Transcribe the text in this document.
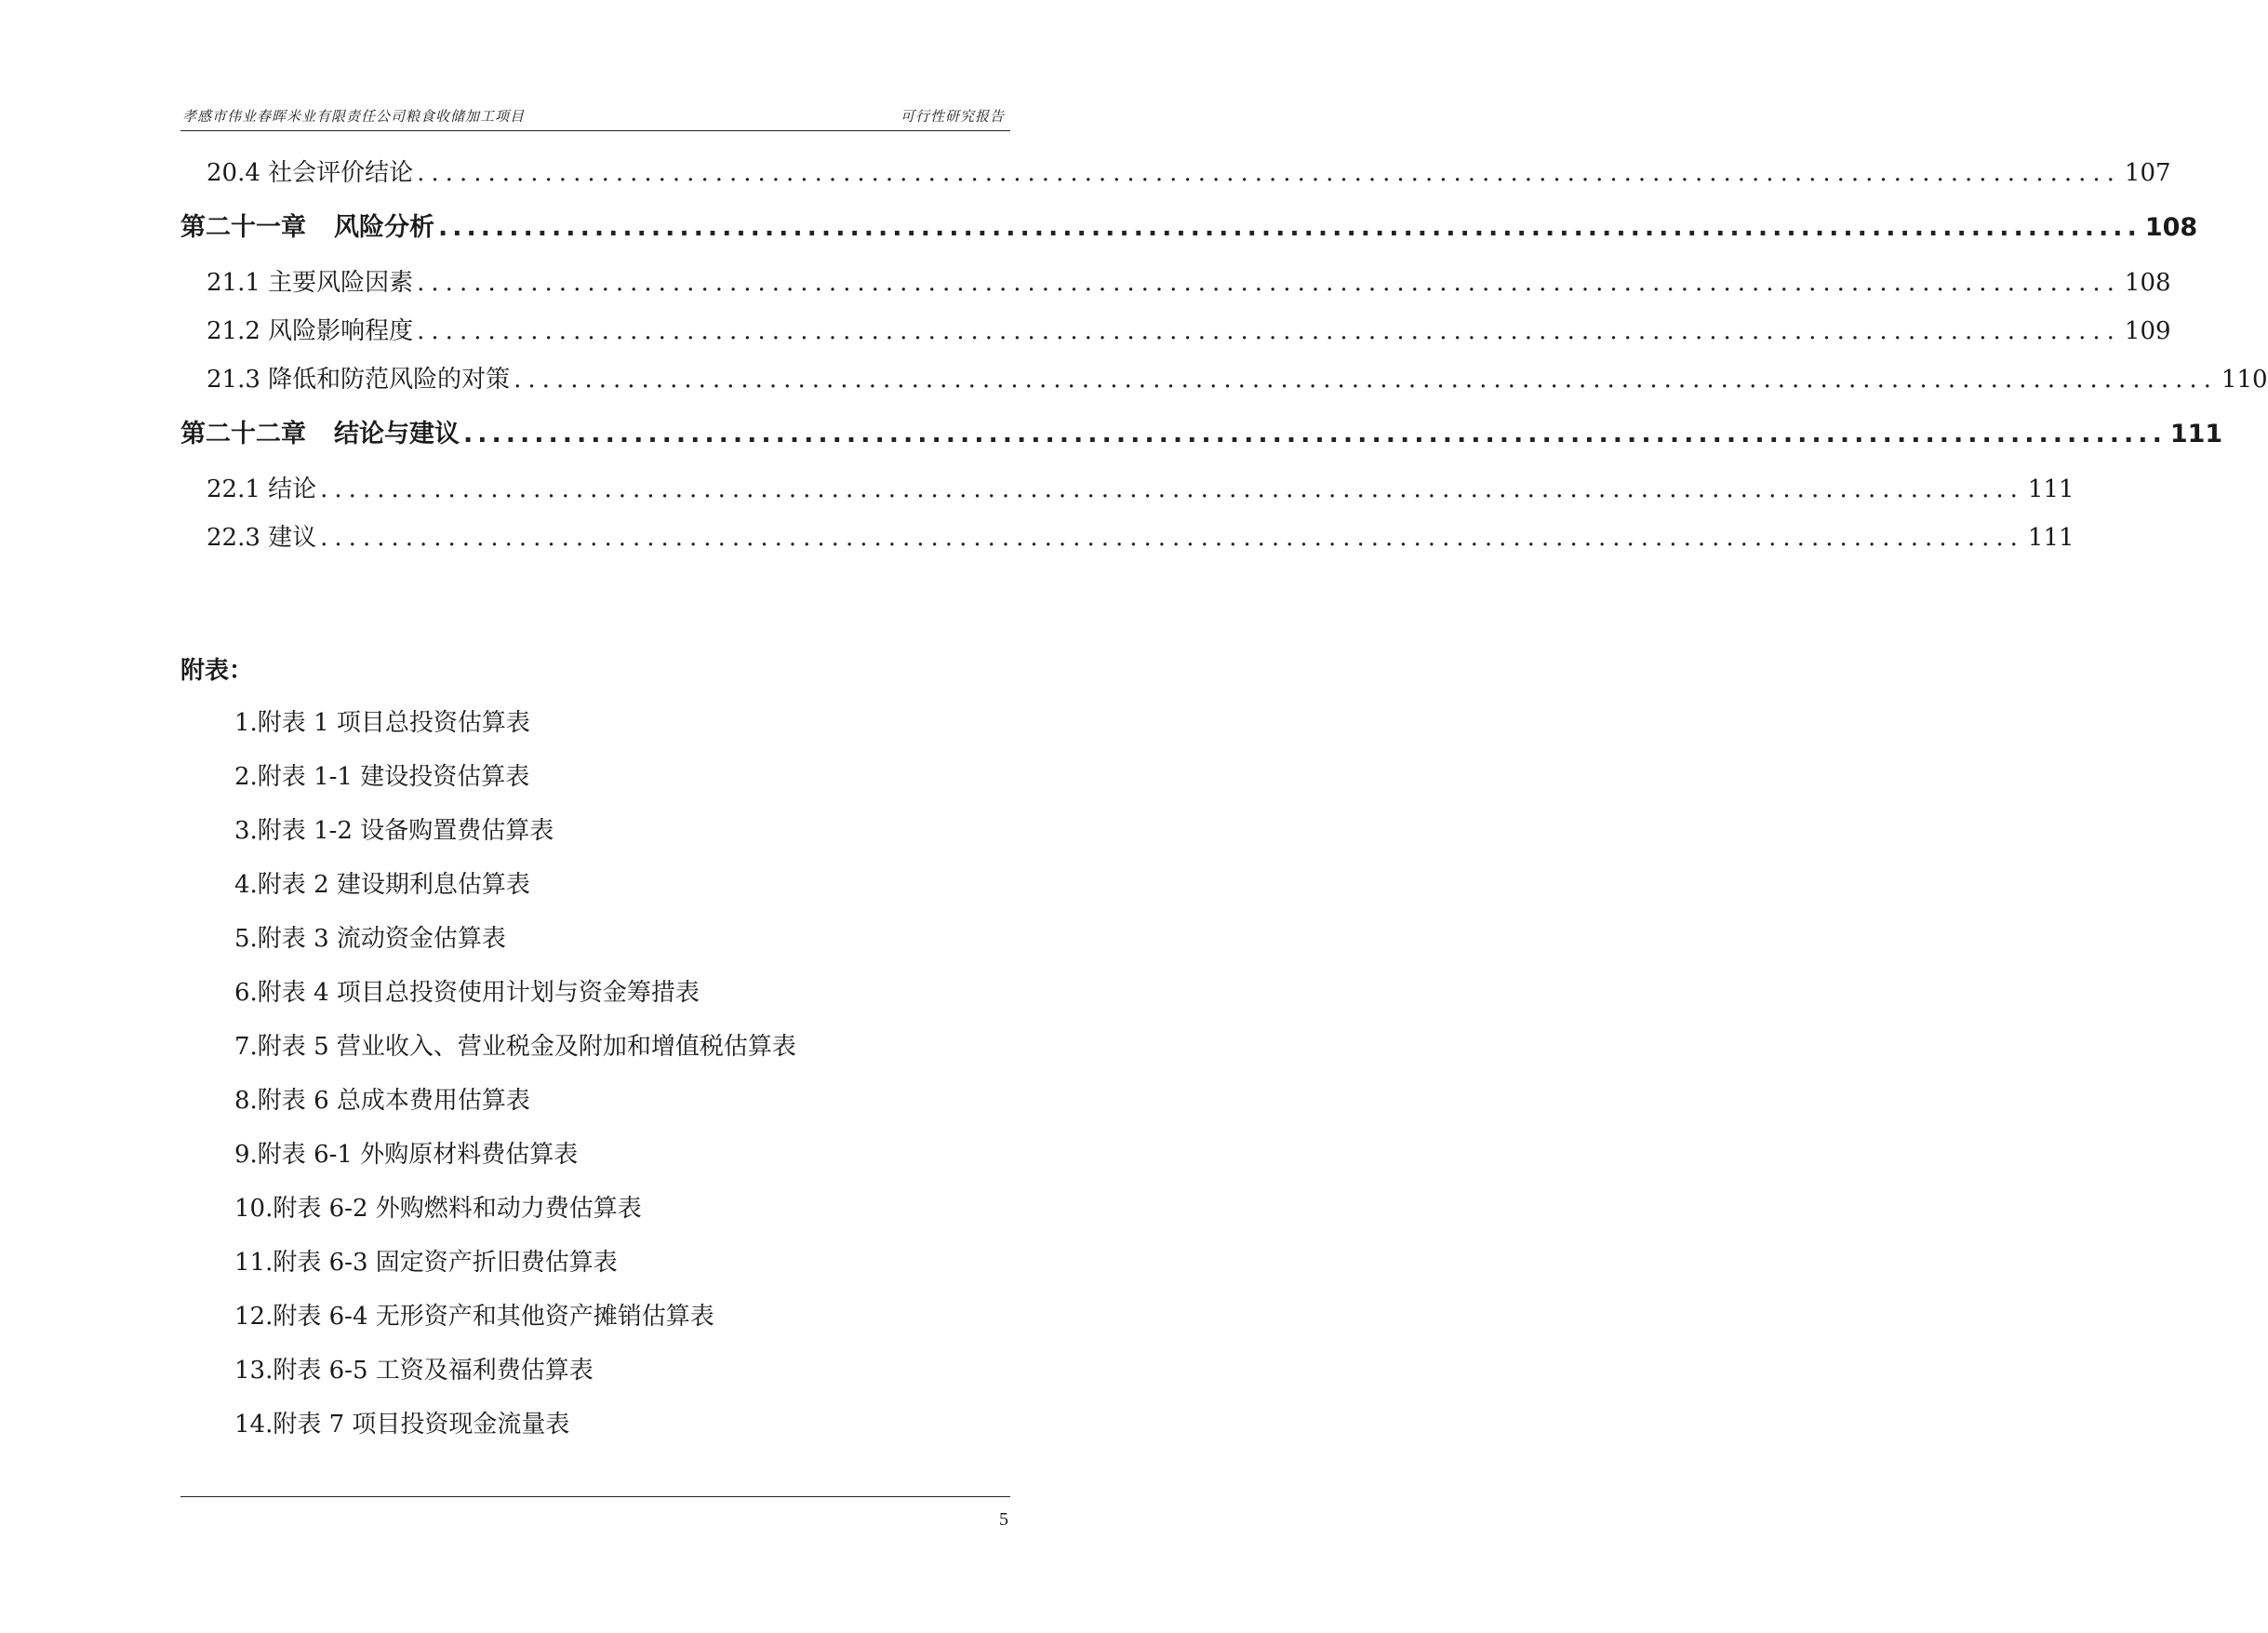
孝感市伟业春晖米业有限责任公司粮食收储加工项目	可行性研究报告
20.4 社会评价结论 ........................................................................................................................ 107
第二十一章 风险分析 ........................................................................................................................ 108
21.1 主要风险因素 ........................................................................................................................ 108
21.2 风险影响程度 ........................................................................................................................ 109
21.3 降低和防范风险的对策 ........................................................................................................................ 110
第二十二章 结论与建议 ........................................................................................................................ 111
22.1 结论 ........................................................................................................................ 111
22.3 建议 ........................................................................................................................ 111
附表：
1.附表 1 项目总投资估算表
2.附表 1-1 建设投资估算表
3.附表 1-2 设备购置费估算表
4.附表 2 建设期利息估算表
5.附表 3 流动资金估算表
6.附表 4 项目总投资使用计划与资金筹措表
7.附表 5 营业收入、营业税金及附加和增值税估算表
8.附表 6 总成本费用估算表
9.附表 6-1 外购原材料费估算表
10.附表 6-2 外购燃料和动力费估算表
11.附表 6-3 固定资产折旧费估算表
12.附表 6-4 无形资产和其他资产摊销估算表
13.附表 6-5 工资及福利费估算表
14.附表 7 项目投资现金流量表
5
